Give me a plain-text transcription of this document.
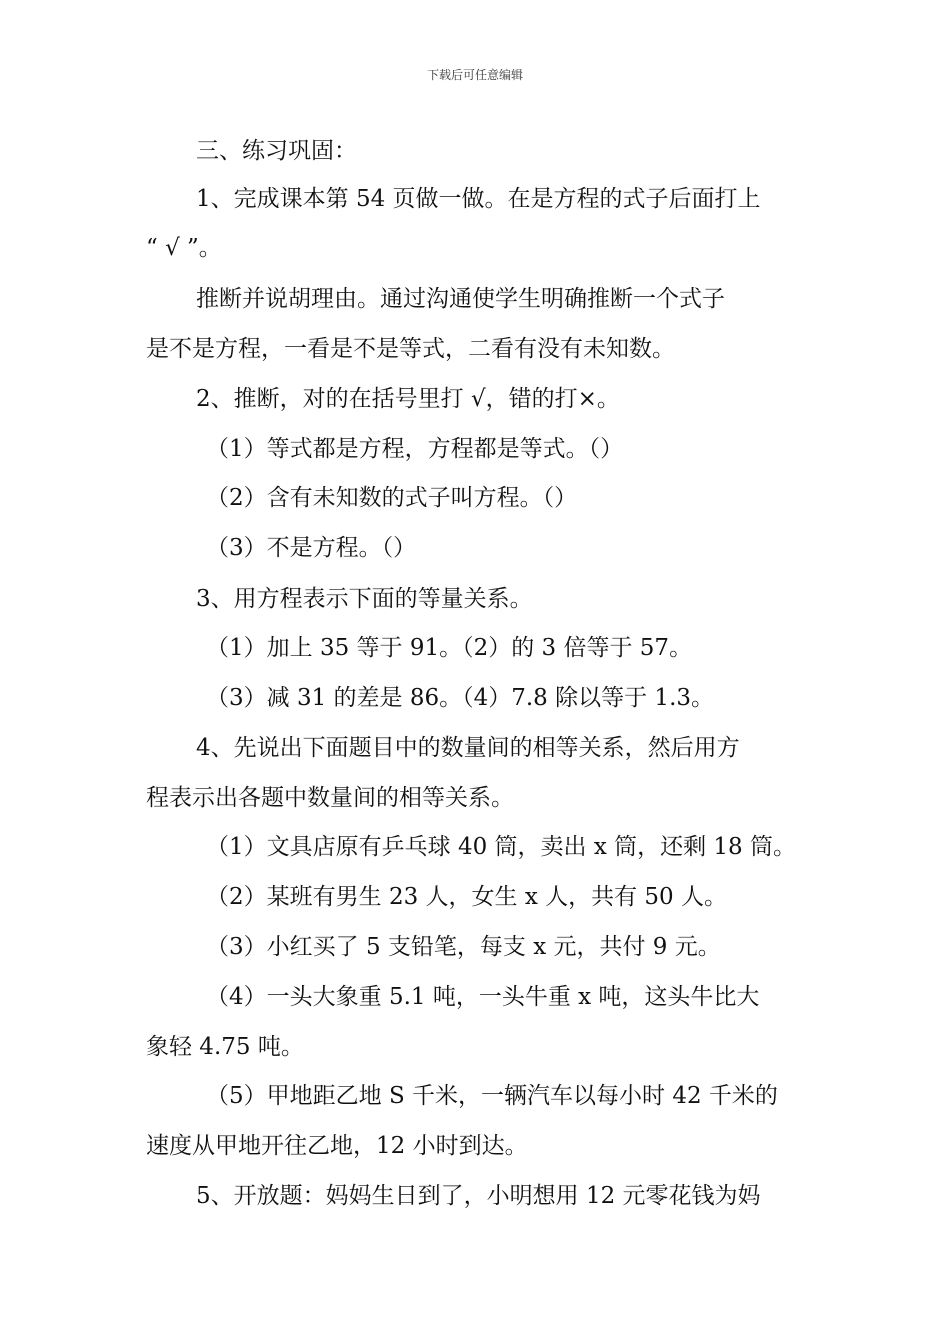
下载后可任意编辑
三、练习巩固：
1、完成课本第 54 页做一做。在是方程的式子后面打上
“ √ ”。
推断并说胡理由。通过沟通使学生明确推断一个式子
是不是方程，一看是不是等式，二看有没有未知数。
2、推断，对的在括号里打 √，错的打×。
（1）等式都是方程，方程都是等式。（）
（2）含有未知数的式子叫方程。（）
（3）不是方程。（）
3、用方程表示下面的等量关系。
（1）加上 35 等于 91。（2）的 3 倍等于 57。
（3）减 31 的差是 86。（4）7.8 除以等于 1.3。
4、先说出下面题目中的数量间的相等关系，然后用方
程表示出各题中数量间的相等关系。
（1）文具店原有乒乓球 40 筒，卖出 x 筒，还剩 18 筒。
（2）某班有男生 23 人，女生 x 人，共有 50 人。
（3）小红买了 5 支铅笔，每支 x 元，共付 9 元。
（4）一头大象重 5.1 吨，一头牛重 x 吨，这头牛比大
象轻 4.75 吨。
（5）甲地距乙地 S 千米，一辆汽车以每小时 42 千米的
速度从甲地开往乙地，12 小时到达。
5、开放题：妈妈生日到了，小明想用 12 元零花钱为妈
